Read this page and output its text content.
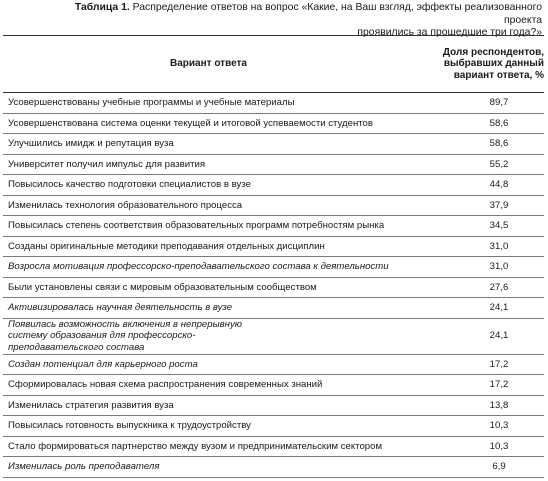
Таблица 1. Распределение ответов на вопрос «Какие, на Ваш взгляд, эффекты реализованного проекта
проявились за прошедшие три года?»
Вариант ответа	Доля респондентов,
выбравших данный
вариант ответа, %
Усовершенствованы учебные программы и учебные материалы	89,7
Усовершенствована система оценки текущей и итоговой успеваемости студентов	58,6
Улучшились имидж и репутация вуза	58,6
Университет получил импульс для развития	55,2
Повысилось качество подготовки специалистов в вузе	44,8
Изменилась технология образовательного процесса	37,9
Повысилась степень соответствия образовательных программ потребностям рынка	34,5
Созданы оригинальные методики преподавания отдельных дисциплин	31,0
Возросла мотивация профессорско-преподавательского состава к деятельности	31,0
Были установлены связи с мировым образовательным сообществом	27,6
Активизировалась научная деятельность в вузе	24,1
Появилась возможность включения в непрерывную систему образования для профессорско-преподавательского состава	24,1
Создан потенциал для карьерного роста	17,2
Сформировалась новая схема распространения современных знаний	17,2
Изменилась стратегия развития вуза	13,8
Повысилась готовность выпускника к трудоустройству	10,3
Стало формироваться партнерство между вузом и предпринимательским сектором	10,3
Изменилась роль преподавателя	6,9
